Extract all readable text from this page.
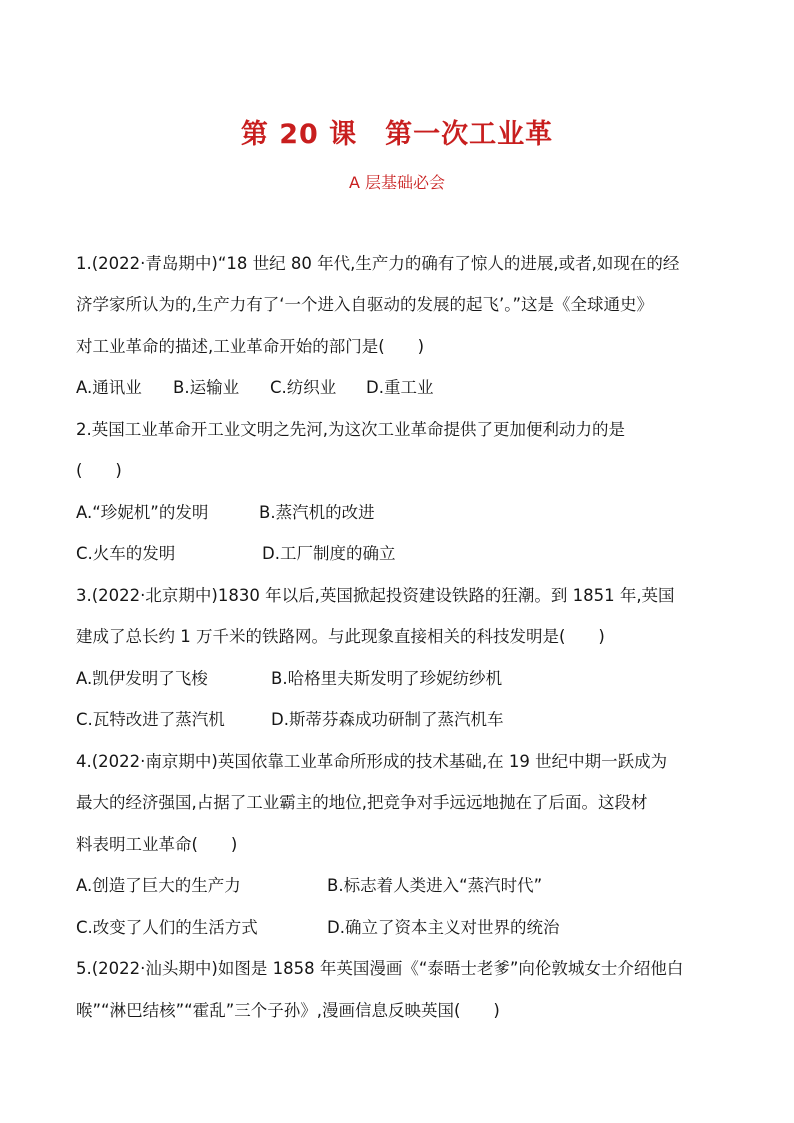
第 20 课　第一次工业革
A 层基础必会
1.(2022·青岛期中)“18 世纪 80 年代,生产力的确有了惊人的进展,或者,如现在的经
济学家所认为的,生产力有了‘一个进入自驱动的发展的起飞’。”这是《全球通史》
对工业革命的描述,工业革命开始的部门是(　　)
A.通讯业 B.运输业 C.纺织业 D.重工业
2.英国工业革命开工业文明之先河,为这次工业革命提供了更加便利动力的是
(　　)
A.“珍妮机”的发明	B.蒸汽机的改进
C.火车的发明	D.工厂制度的确立
3.(2022·北京期中)1830 年以后,英国掀起投资建设铁路的狂潮。到 1851 年,英国
建成了总长约 1 万千米的铁路网。与此现象直接相关的科技发明是(　　)
A.凯伊发明了飞梭	B.哈格里夫斯发明了珍妮纺纱机
C.瓦特改进了蒸汽机	D.斯蒂芬森成功研制了蒸汽机车
4.(2022·南京期中)英国依靠工业革命所形成的技术基础,在 19 世纪中期一跃成为
最大的经济强国,占据了工业霸主的地位,把竞争对手远远地抛在了后面。这段材
料表明工业革命(　　)
A.创造了巨大的生产力	B.标志着人类进入“蒸汽时代”
C.改变了人们的生活方式	D.确立了资本主义对世界的统治
5.(2022·汕头期中)如图是 1858 年英国漫画《“泰晤士老爹”向伦敦城女士介绍他白
喉”“淋巴结核”“霍乱”三个子孙》,漫画信息反映英国(　　)
